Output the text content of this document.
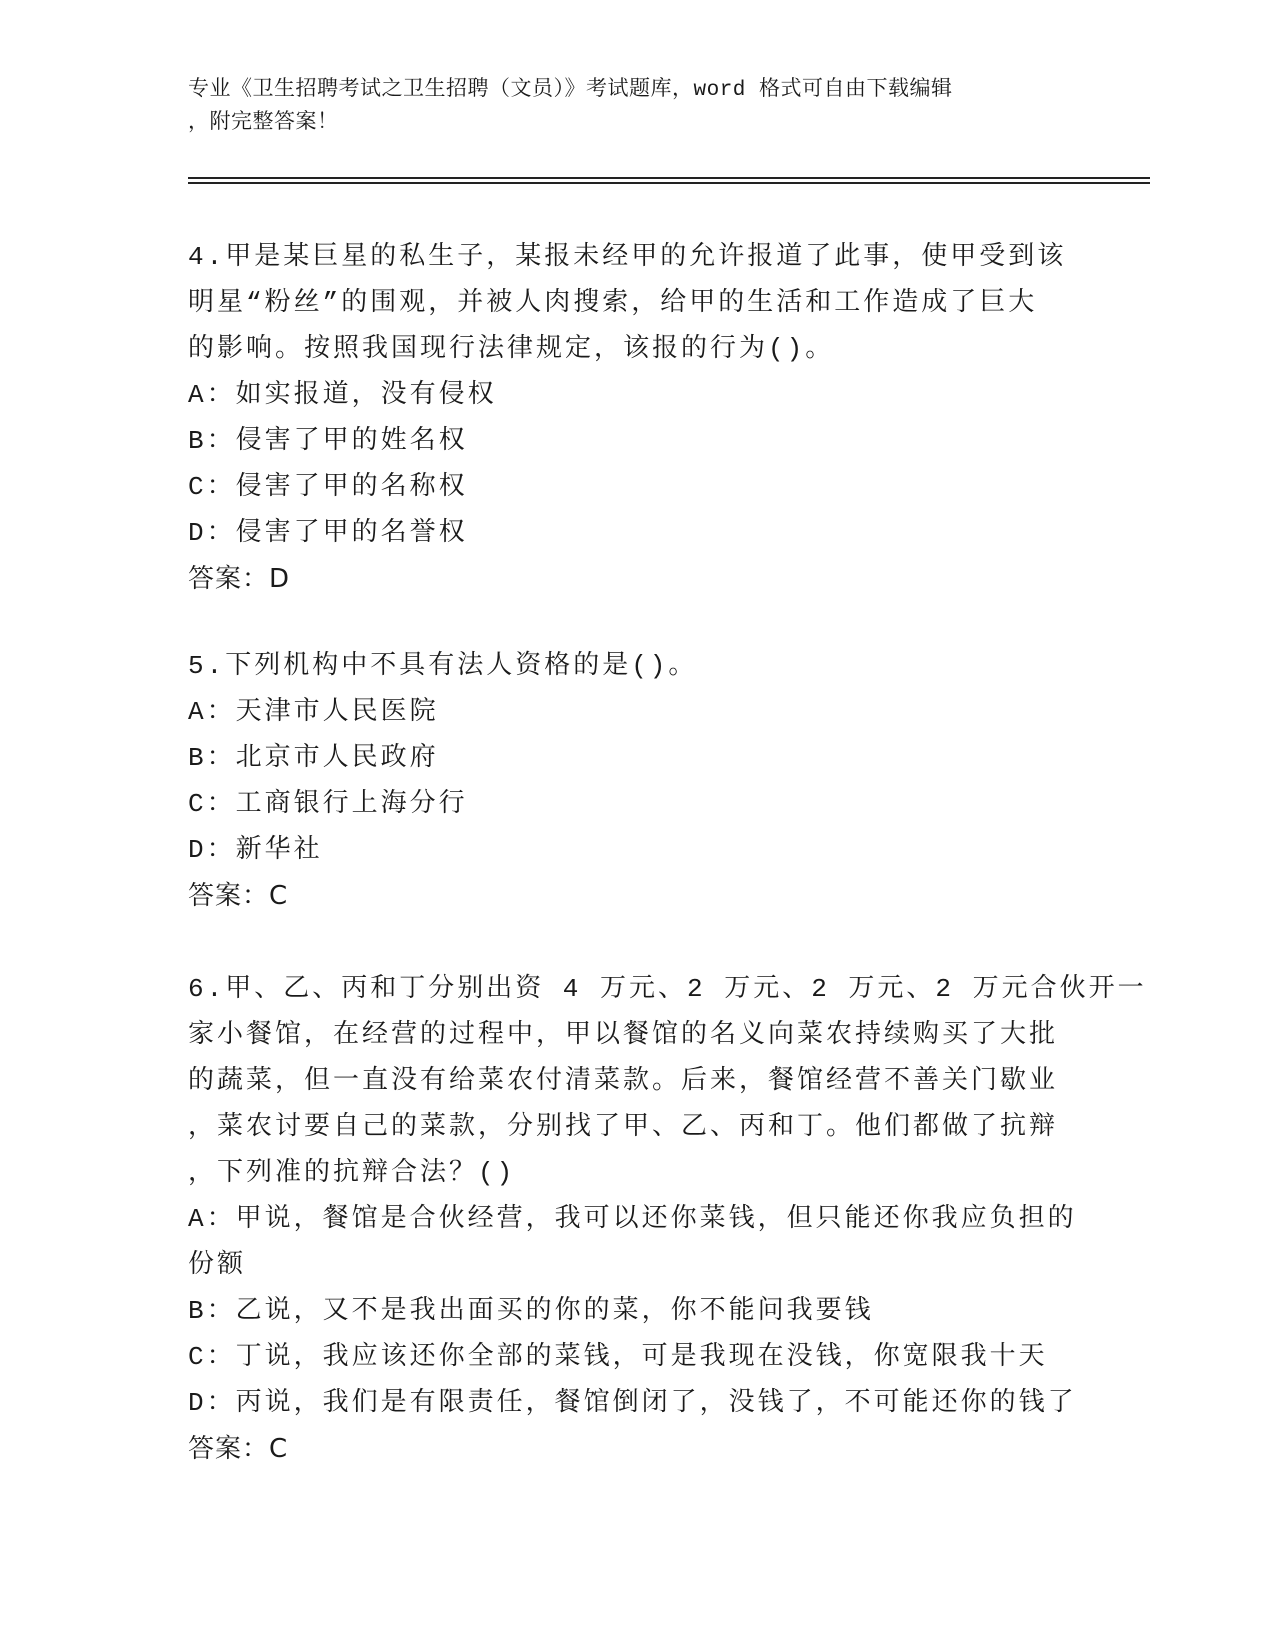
专业《卫生招聘考试之卫生招聘（文员）》考试题库，word 格式可自由下载编辑
，附完整答案！
4.甲是某巨星的私生子，某报未经甲的允许报道了此事，使甲受到该
明星“粉丝”的围观，并被人肉搜索，给甲的生活和工作造成了巨大
的影响。按照我国现行法律规定，该报的行为()。
A：如实报道，没有侵权
B：侵害了甲的姓名权
C：侵害了甲的名称权
D：侵害了甲的名誉权
答案：D
5.下列机构中不具有法人资格的是()。
A：天津市人民医院
B：北京市人民政府
C：工商银行上海分行
D：新华社
答案：C
6.甲、乙、丙和丁分别出资 4 万元、2 万元、2 万元、2 万元合伙开一
家小餐馆，在经营的过程中，甲以餐馆的名义向菜农持续购买了大批
的蔬菜，但一直没有给菜农付清菜款。后来，餐馆经营不善关门歇业
，菜农讨要自己的菜款，分别找了甲、乙、丙和丁。他们都做了抗辩
，下列准的抗辩合法？()
A：甲说，餐馆是合伙经营，我可以还你菜钱，但只能还你我应负担的
份额
B：乙说，又不是我出面买的你的菜，你不能问我要钱
C：丁说，我应该还你全部的菜钱，可是我现在没钱，你宽限我十天
D：丙说，我们是有限责任，餐馆倒闭了，没钱了，不可能还你的钱了
答案：C
